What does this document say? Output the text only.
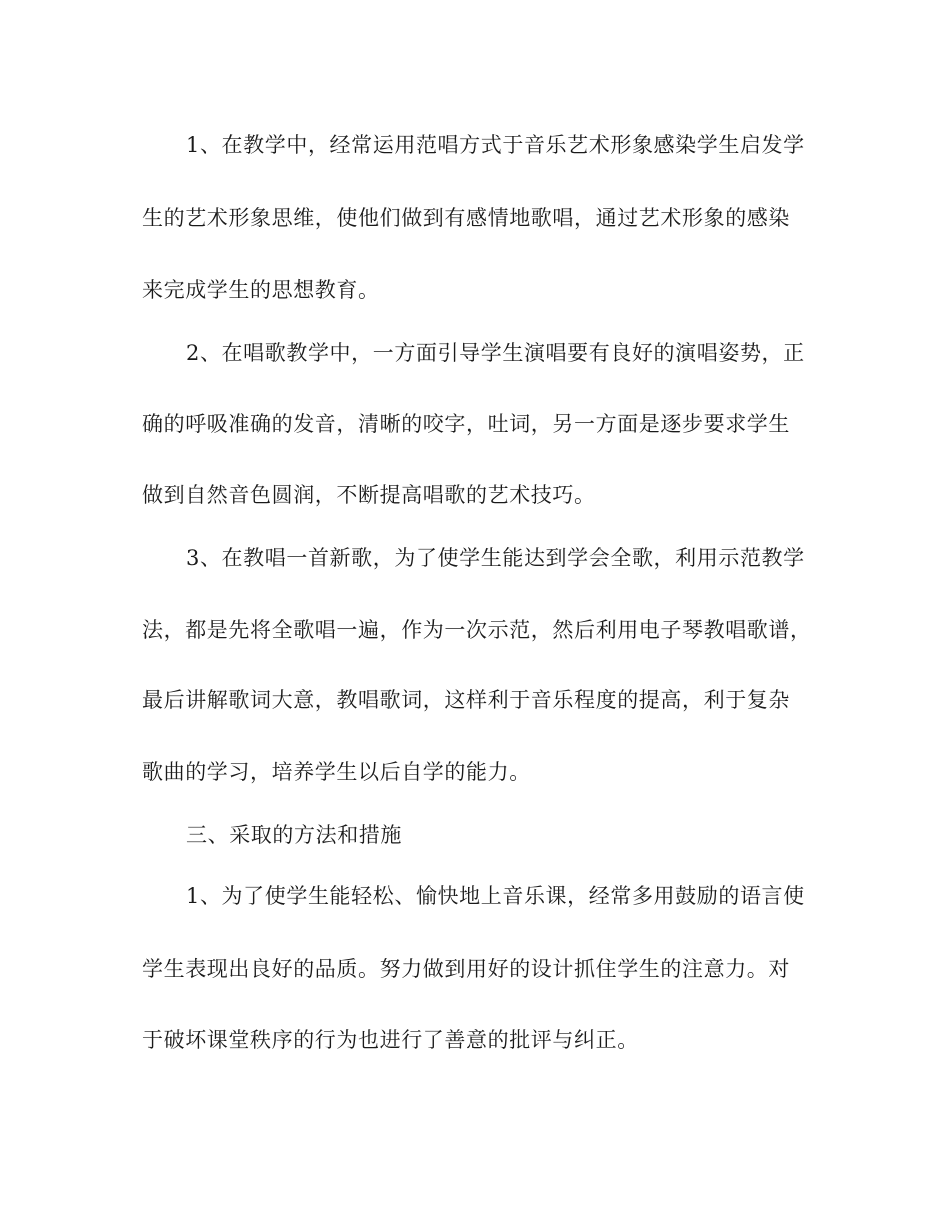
1、在教学中，经常运用范唱方式于音乐艺术形象感染学生启发学
生的艺术形象思维，使他们做到有感情地歌唱，通过艺术形象的感染
来完成学生的思想教育。
2、在唱歌教学中，一方面引导学生演唱要有良好的演唱姿势，正
确的呼吸准确的发音，清晰的咬字，吐词，另一方面是逐步要求学生
做到自然音色圆润，不断提高唱歌的艺术技巧。
3、在教唱一首新歌，为了使学生能达到学会全歌，利用示范教学
法，都是先将全歌唱一遍，作为一次示范，然后利用电子琴教唱歌谱，
最后讲解歌词大意，教唱歌词，这样利于音乐程度的提高，利于复杂
歌曲的学习，培养学生以后自学的能力。
三、采取的方法和措施
1、为了使学生能轻松、愉快地上音乐课，经常多用鼓励的语言使
学生表现出良好的品质。努力做到用好的设计抓住学生的注意力。对
于破坏课堂秩序的行为也进行了善意的批评与纠正。
